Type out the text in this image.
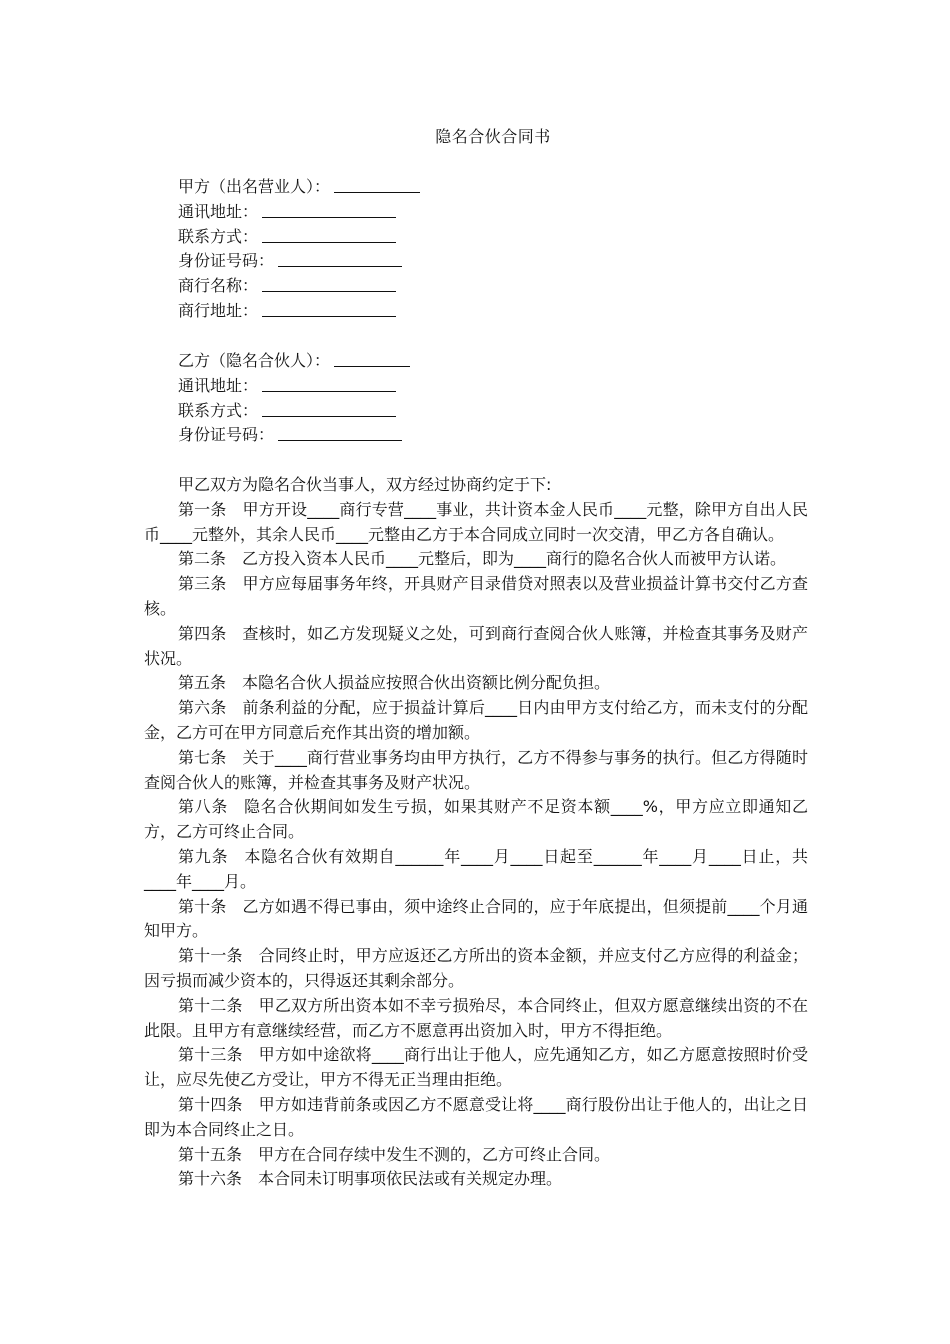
隐名合伙合同书
甲方（出名营业人）：
通讯地址：
联系方式：
身份证号码：
商行名称：
商行地址：
乙方（隐名合伙人）：
通讯地址：
联系方式：
身份证号码：

甲乙双方为隐名合伙当事人，双方经过协商约定于下:

第一条 甲方开设____商行专营____事业，共计资本金人民币____元整，除甲方自出人民币____元整外，其余人民币____元整由乙方于本合同成立同时一次交清，甲乙方各自确认。

第二条 乙方投入资本人民币____元整后，即为____商行的隐名合伙人而被甲方认诺。

第三条 甲方应每届事务年终，开具财产目录借贷对照表以及营业损益计算书交付乙方查核。

第四条 查核时，如乙方发现疑义之处，可到商行查阅合伙人账簿，并检查其事务及财产状况。

第五条 本隐名合伙人损益应按照合伙出资额比例分配负担。

第六条 前条利益的分配，应于损益计算后____日内由甲方支付给乙方，而未支付的分配金，乙方可在甲方同意后充作其出资的增加额。

第七条 关于____商行营业事务均由甲方执行，乙方不得参与事务的执行。但乙方得随时查阅合伙人的账簿，并检查其事务及财产状况。

第八条 隐名合伙期间如发生亏损，如果其财产不足资本额____%，甲方应立即通知乙方，乙方可终止合同。

第九条 本隐名合伙有效期自______年____月____日起至______年____月____日止，共____年____月。

第十条 乙方如遇不得已事由，须中途终止合同的，应于年底提出，但须提前____个月通知甲方。

第十一条 合同终止时，甲方应返还乙方所出的资本金额，并应支付乙方应得的利益金；因亏损而减少资本的，只得返还其剩余部分。

第十二条 甲乙双方所出资本如不幸亏损殆尽，本合同终止，但双方愿意继续出资的不在此限。且甲方有意继续经营，而乙方不愿意再出资加入时，甲方不得拒绝。

第十三条 甲方如中途欲将____商行出让于他人，应先通知乙方，如乙方愿意按照时价受让，应尽先使乙方受让，甲方不得无正当理由拒绝。

第十四条 甲方如违背前条或因乙方不愿意受让将____商行股份出让于他人的，出让之日即为本合同终止之日。

第十五条 甲方在合同存续中发生不测的，乙方可终止合同。

第十六条 本合同未订明事项依民法或有关规定办理。
